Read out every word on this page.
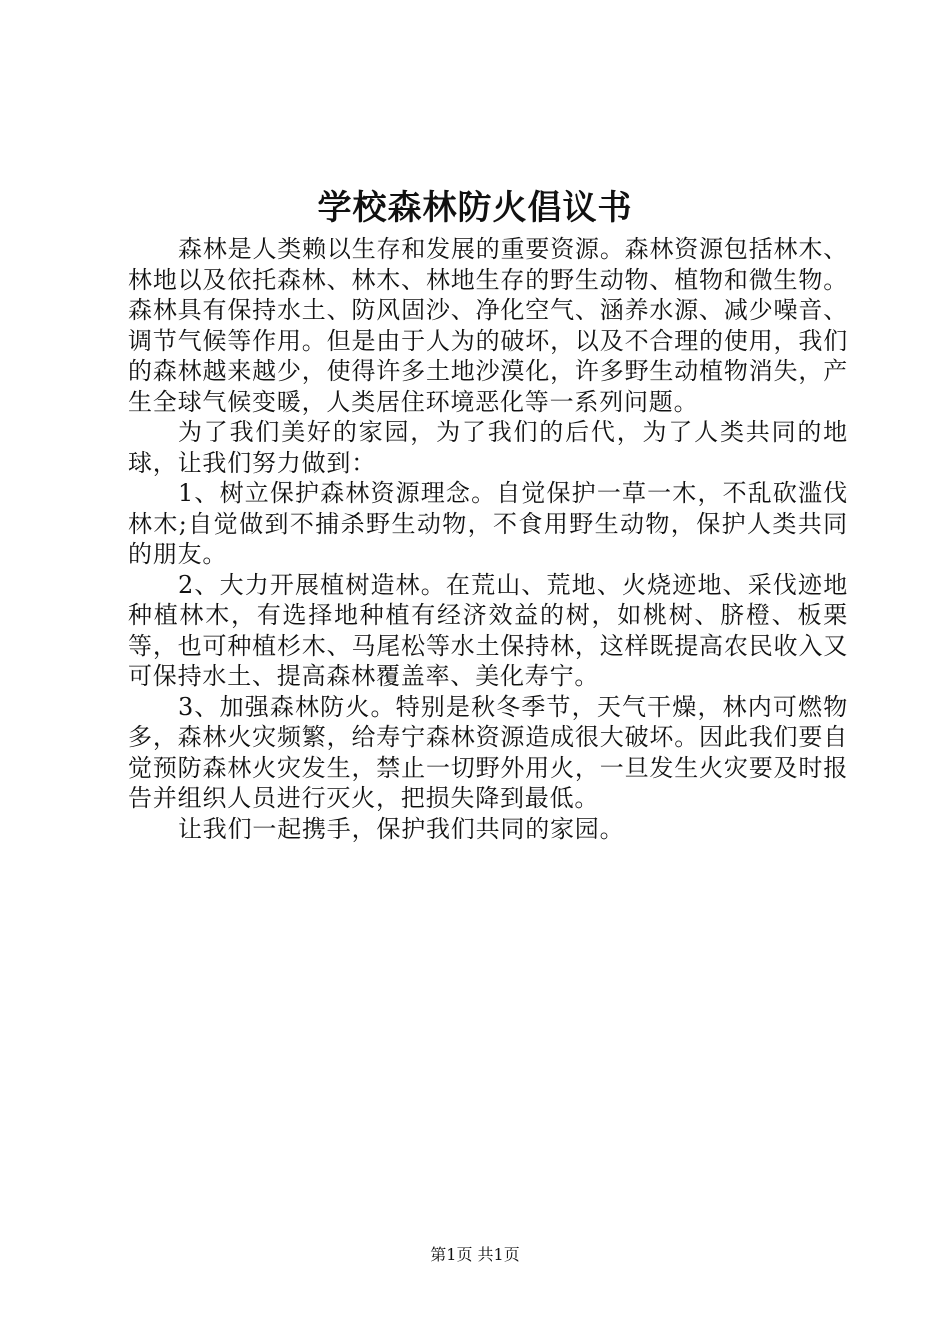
学校森林防火倡议书

森林是人类赖以生存和发展的重要资源。森林资源包括林木、林地以及依托森林、林木、林地生存的野生动物、植物和微生物。森林具有保持水土、防风固沙、净化空气、涵养水源、减少噪音、调节气候等作用。但是由于人为的破坏，以及不合理的使用，我们的森林越来越少，使得许多土地沙漠化，许多野生动植物消失，产生全球气候变暖，人类居住环境恶化等一系列问题。

为了我们美好的家园，为了我们的后代，为了人类共同的地球，让我们努力做到：

1、树立保护森林资源理念。自觉保护一草一木，不乱砍滥伐林木;自觉做到不捕杀野生动物，不食用野生动物，保护人类共同的朋友。

2、大力开展植树造林。在荒山、荒地、火烧迹地、采伐迹地种植林木，有选择地种植有经济效益的树，如桃树、脐橙、板栗等，也可种植杉木、马尾松等水土保持林，这样既提高农民收入又可保持水土、提高森林覆盖率、美化寿宁。

3、加强森林防火。特别是秋冬季节，天气干燥，林内可燃物多，森林火灾频繁，给寿宁森林资源造成很大破坏。因此我们要自觉预防森林火灾发生，禁止一切野外用火，一旦发生火灾要及时报告并组织人员进行灭火，把损失降到最低。

让我们一起携手，保护我们共同的家园。

第1页 共1页
